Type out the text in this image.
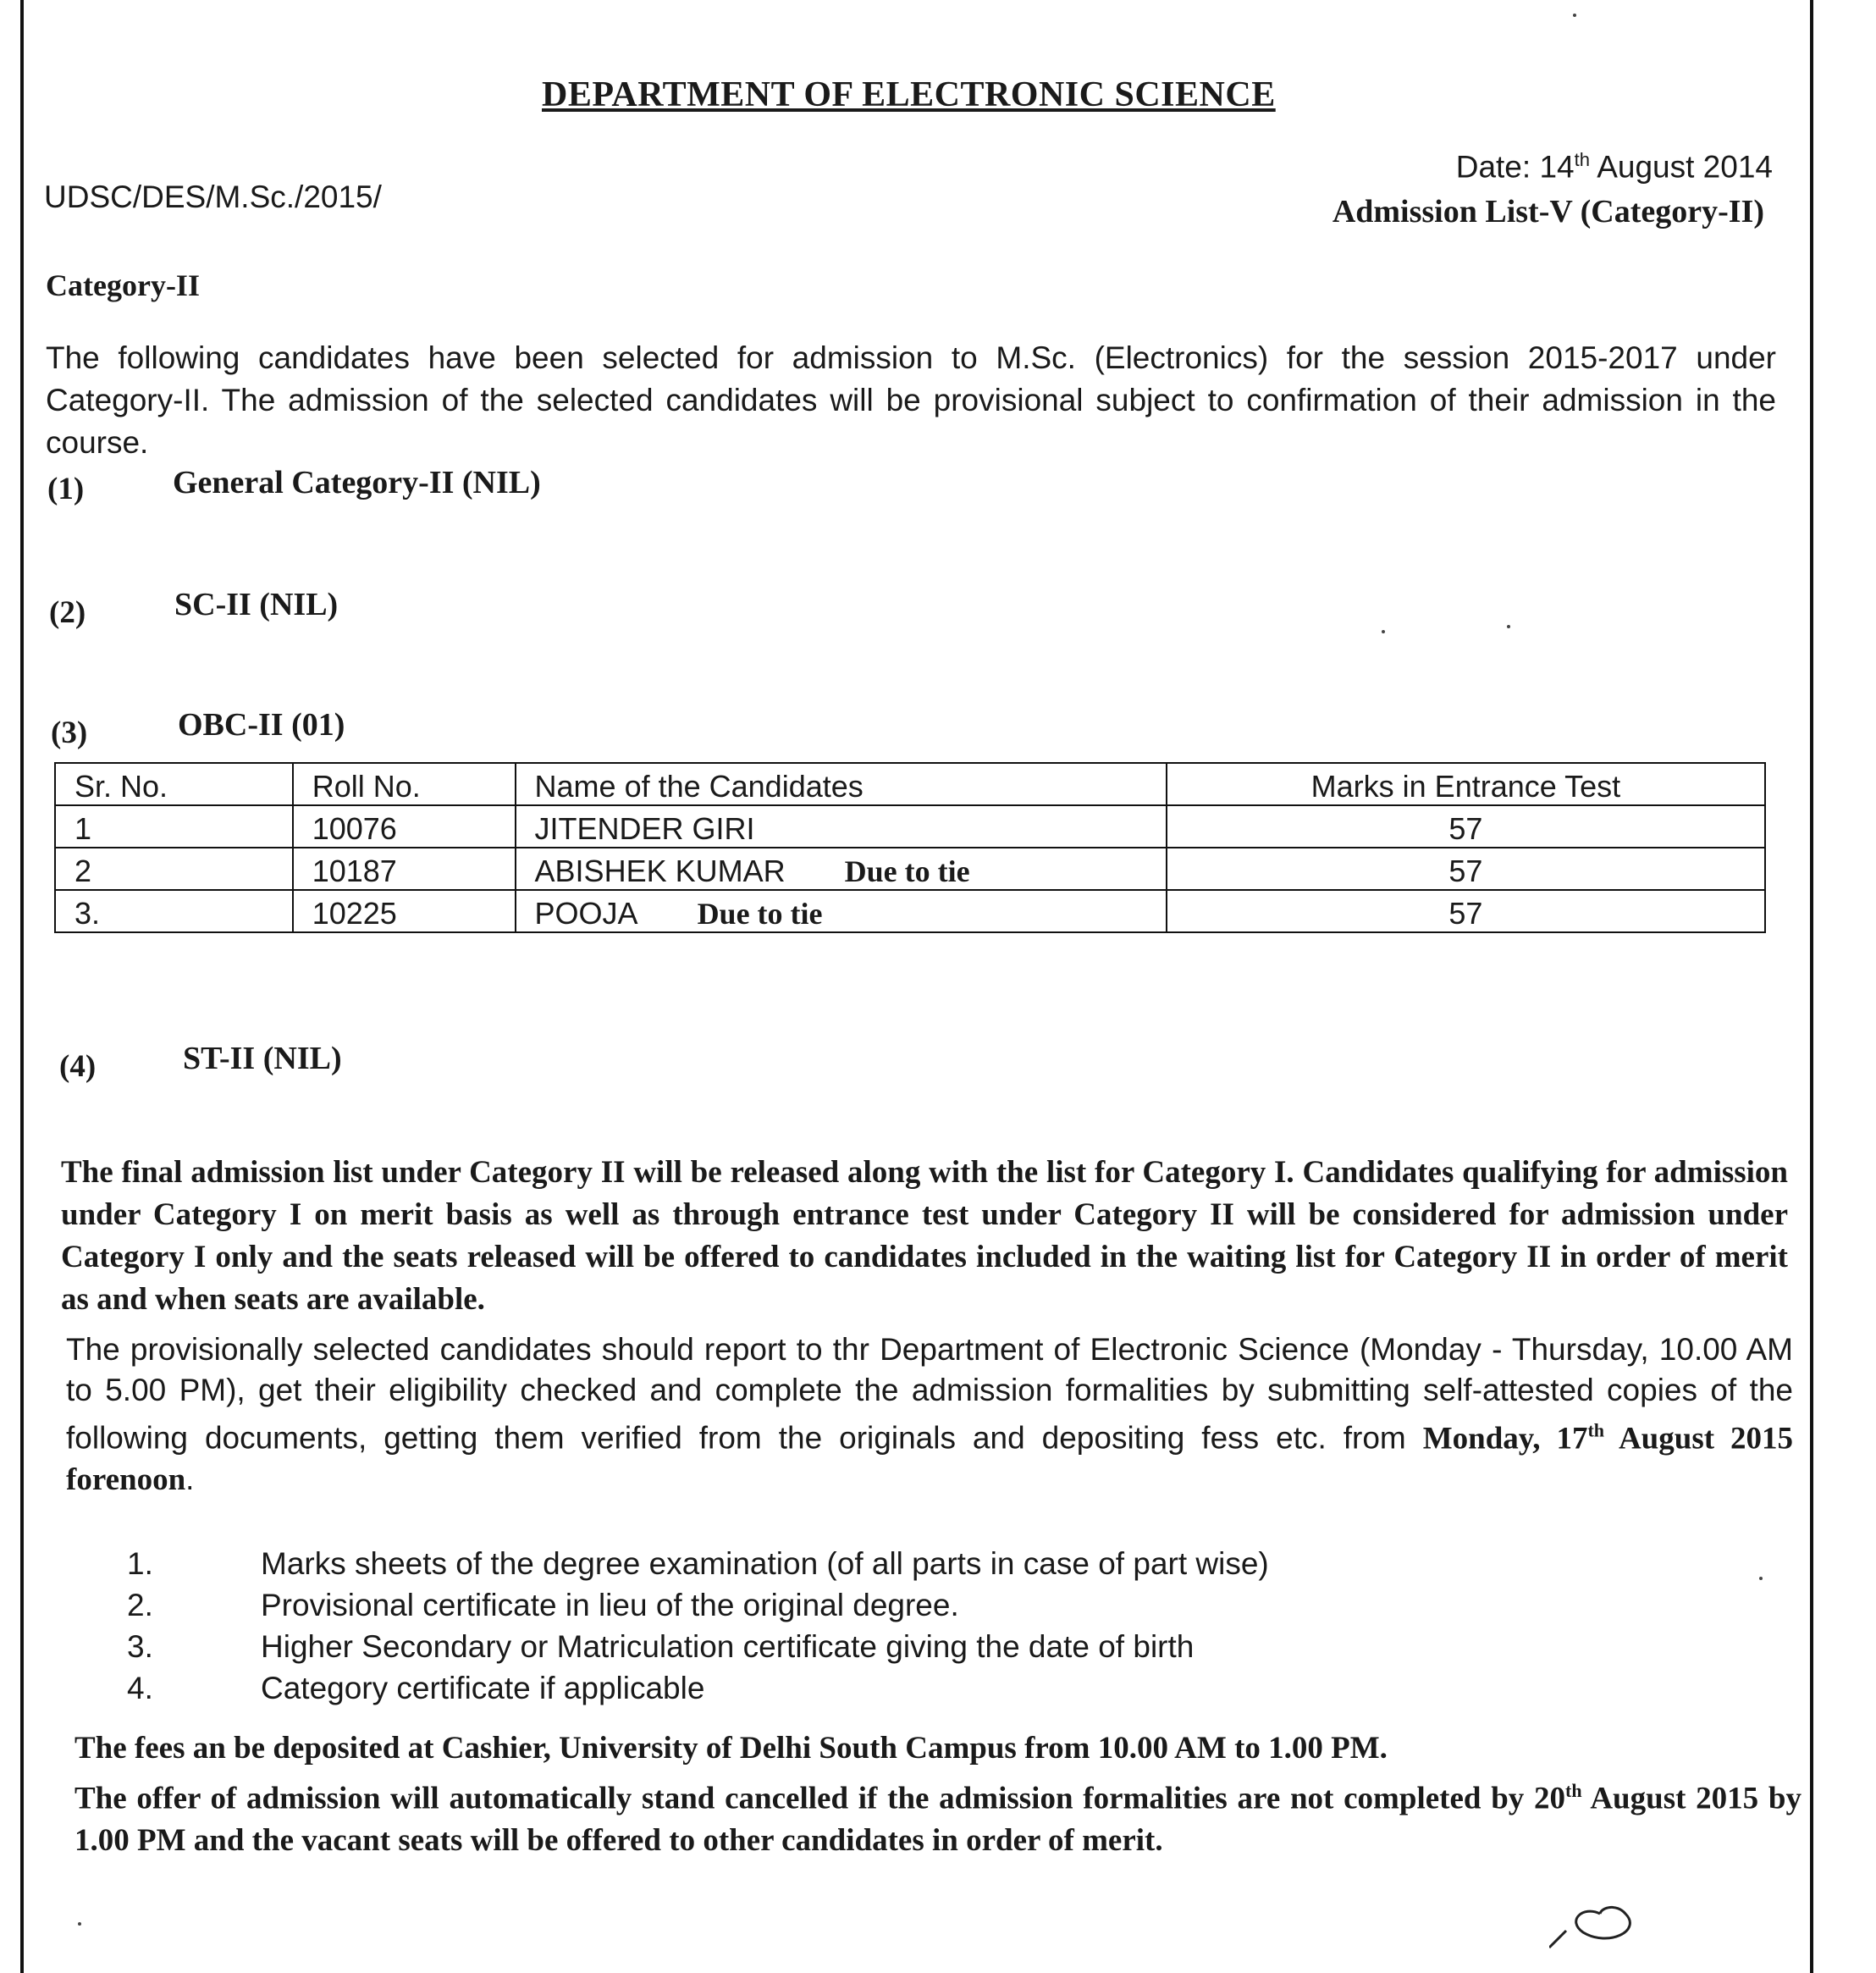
DEPARTMENT OF ELECTRONIC SCIENCE
UDSC/DES/M.Sc./2015/
Date: 14th August 2014
Admission List-V (Category-II)
Category-II

The following candidates have been selected for admission to M.Sc. (Electronics) for the session 2015-2017 under Category-II. The admission of the selected candidates will be provisional subject to confirmation of their admission in the course.
(1)	General Category-II (NIL)
(2)	SC-II (NIL)
(3)	OBC-II (01)
Sr. No.	Roll No.	Name of the Candidates	Marks in Entrance Test
1	10076	JITENDER GIRI	57
2	10187	ABISHEK KUMAR Due to tie	57
3.	10225	POOJA Due to tie	57
(4)	ST-II (NIL)
The final admission list under Category II will be released along with the list for Category I. Candidates qualifying for admission under Category I on merit basis as well as through entrance test under Category II will be considered for admission under Category I only and the seats released will be offered to candidates included in the waiting list for Category II in order of merit as and when seats are available.
The provisionally selected candidates should report to thr Department of Electronic Science (Monday - Thursday, 10.00 AM to 5.00 PM), get their eligibility checked and complete the admission formalities by submitting self-attested copies of the following documents, getting them verified from the originals and depositing fess etc. from Monday, 17th August 2015 forenoon.
1.	Marks sheets of the degree examination (of all parts in case of part wise)
2.	Provisional certificate in lieu of the original degree.
3.	Higher Secondary or Matriculation certificate giving the date of birth
4.	Category certificate if applicable
The fees an be deposited at Cashier, University of Delhi South Campus from 10.00 AM to 1.00 PM.
The offer of admission will automatically stand cancelled if the admission formalities are not completed by 20th August 2015 by 1.00 PM and the vacant seats will be offered to other candidates in order of merit.
